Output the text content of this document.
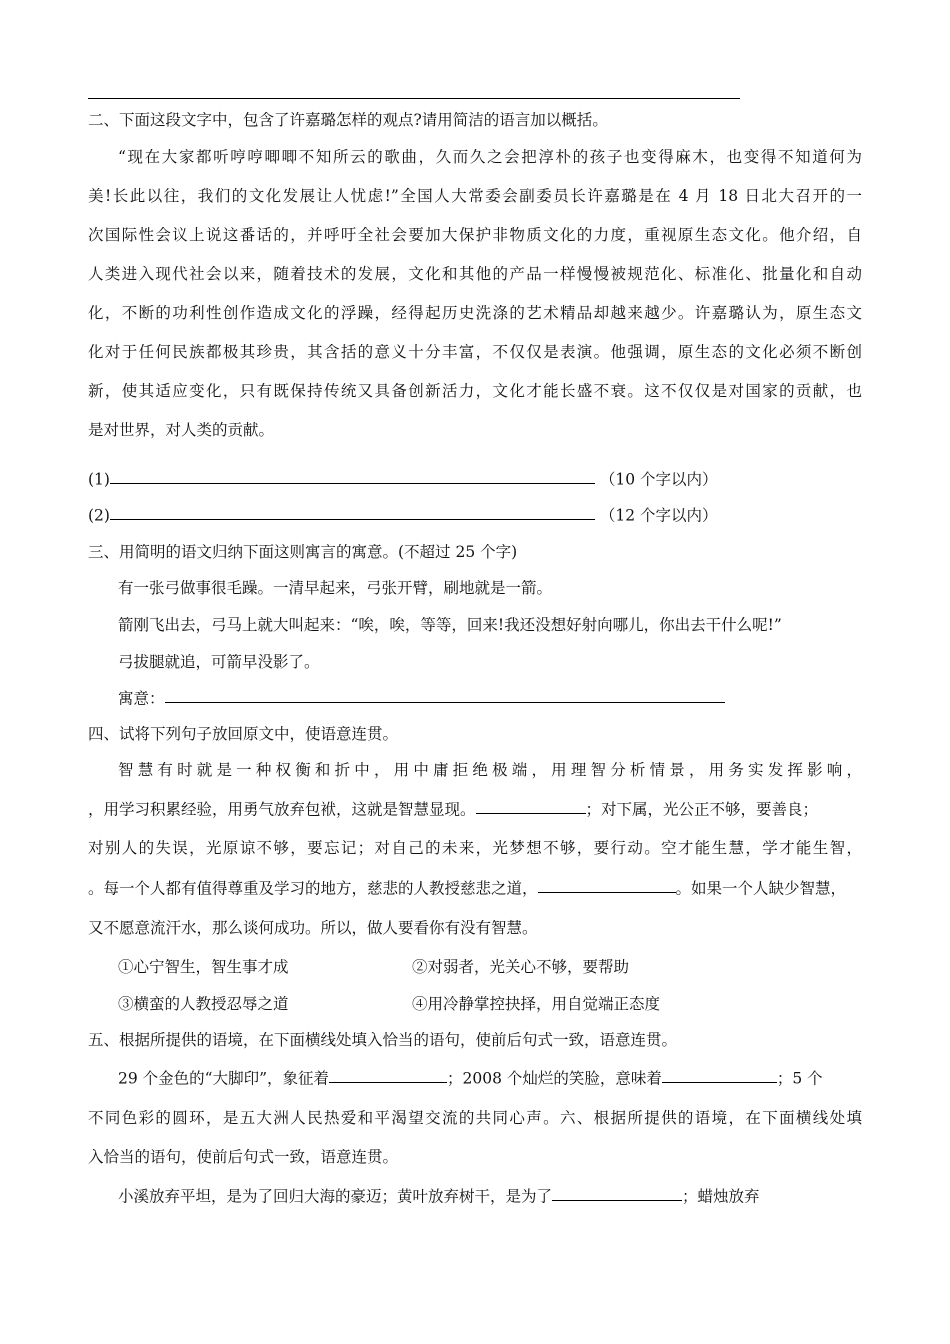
二、下面这段文字中，包含了许嘉璐怎样的观点?请用简洁的语言加以概括。
“现在大家都听哼哼唧唧不知所云的歌曲，久而久之会把淳朴的孩子也变得麻木，也变得不知道何为
美!长此以往，我们的文化发展让人忧虑!”全国人大常委会副委员长许嘉璐是在 4 月 18 日北大召开的一
次国际性会议上说这番话的，并呼吁全社会要加大保护非物质文化的力度，重视原生态文化。他介绍，自
人类进入现代社会以来，随着技术的发展，文化和其他的产品一样慢慢被规范化、标准化、批量化和自动
化，不断的功利性创作造成文化的浮躁，经得起历史洗涤的艺术精品却越来越少。许嘉璐认为，原生态文
化对于任何民族都极其珍贵，其含括的意义十分丰富，不仅仅是表演。他强调，原生态的文化必须不断创
新，使其适应变化，只有既保持传统又具备创新活力，文化才能长盛不衰。这不仅仅是对国家的贡献，也
是对世界，对人类的贡献。
(1)	（10 个字以内）
(2)	（12 个字以内）
三、用简明的语文归纳下面这则寓言的寓意。(不超过 25 个字)
有一张弓做事很毛躁。一清早起来，弓张开臂，刷地就是一箭。
箭刚飞出去，弓马上就大叫起来：“唉，唉，等等，回来!我还没想好射向哪儿，你出去干什么呢!”
弓拔腿就追，可箭早没影了。
寓意：
四、试将下列句子放回原文中，使语意连贯。
智慧有时就是一种权衡和折中，用中庸拒绝极端，用理智分析情景，用务实发挥影响，
，用学习积累经验，用勇气放弃包袱，这就是智慧显现。	；对下属，光公正不够，要善良；
对别人的失误，光原谅不够，要忘记；对自己的未来，光梦想不够，要行动。空才能生慧，学才能生智，
。每一个人都有值得尊重及学习的地方，慈悲的人教授慈悲之道，	。如果一个人缺少智慧，
又不愿意流汗水，那么谈何成功。所以，做人要看你有没有智慧。
①心宁智生，智生事才成	②对弱者，光关心不够，要帮助
③横蛮的人教授忍辱之道	④用冷静掌控抉择，用自觉端正态度
五、根据所提供的语境，在下面横线处填入恰当的语句，使前后句式一致，语意连贯。
29 个金色的“大脚印”，象征着	；2008 个灿烂的笑脸，意味着	；5 个
不同色彩的圆环，是五大洲人民热爱和平渴望交流的共同心声。六、根据所提供的语境，在下面横线处填
入恰当的语句，使前后句式一致，语意连贯。
小溪放弃平坦，是为了回归大海的豪迈；黄叶放弃树干，是为了	；蜡烛放弃
